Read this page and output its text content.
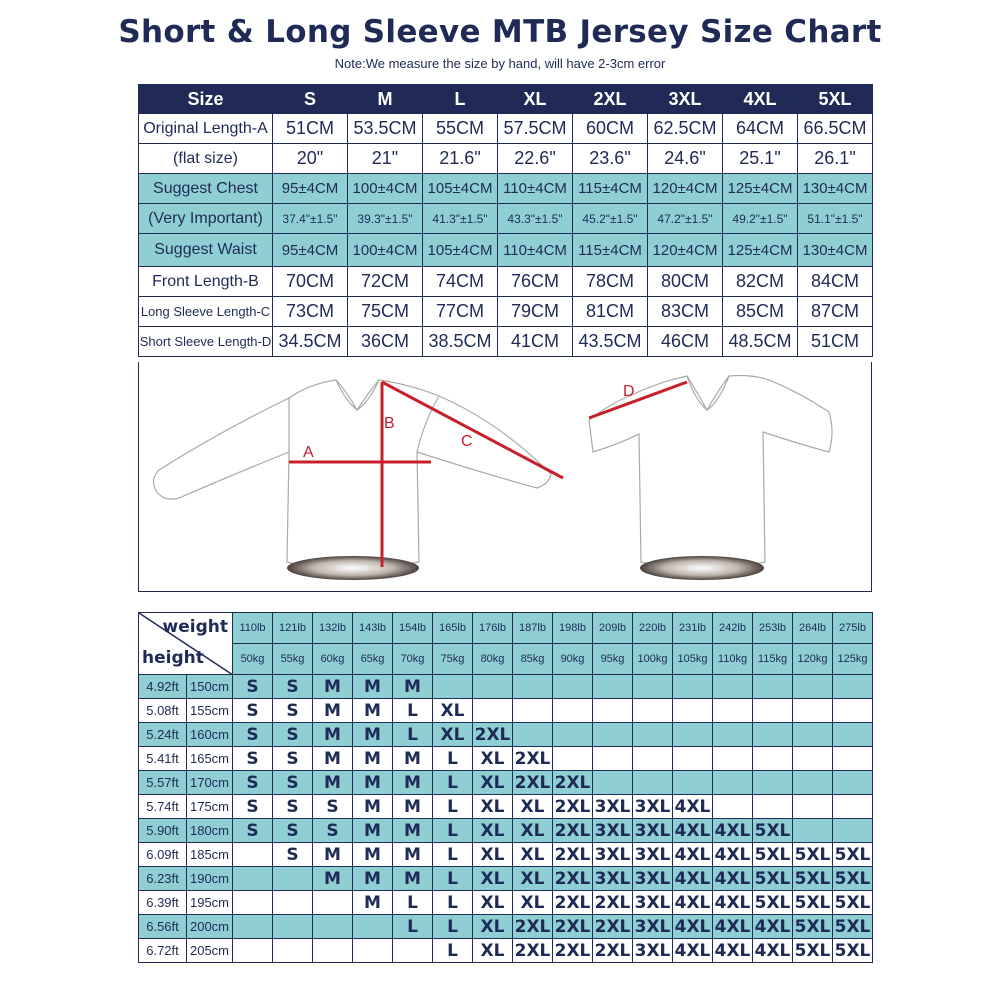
Short & Long Sleeve MTB Jersey Size Chart
Note:We measure the size by hand, will have 2-3cm error
Size	S	M	L	XL	2XL	3XL	4XL	5XL
Original Length-A	51CM	53.5CM	55CM	57.5CM	60CM	62.5CM	64CM	66.5CM
(flat size)	20"	21"	21.6"	22.6"	23.6"	24.6"	25.1"	26.1"
Suggest Chest	95±4CM	100±4CM	105±4CM	110±4CM	115±4CM	120±4CM	125±4CM	130±4CM
(Very Important)	37.4"±1.5"	39.3"±1.5"	41.3"±1.5"	43.3"±1.5"	45.2"±1.5"	47.2"±1.5"	49.2"±1.5"	51.1"±1.5"
Suggest Waist	95±4CM	100±4CM	105±4CM	110±4CM	115±4CM	120±4CM	125±4CM	130±4CM
Front Length-B	70CM	72CM	74CM	76CM	78CM	80CM	82CM	84CM
Long Sleeve Length-C	73CM	75CM	77CM	79CM	81CM	83CM	85CM	87CM
Short Sleeve Length-D	34.5CM	36CM	38.5CM	41CM	43.5CM	46CM	48.5CM	51CM
A
B
C
D
weight
height		110lb	121lb	132lb	143lb	154lb	165lb	176lb	187lb	198lb	209lb	220lb	231lb	242lb	253lb	264lb	275lb
		50kg	55kg	60kg	65kg	70kg	75kg	80kg	85kg	90kg	95kg	100kg	105kg	110kg	115kg	120kg	125kg
4.92ft	150cm	S	S	M	M	M											
5.08ft	155cm	S	S	M	M	L	XL										
5.24ft	160cm	S	S	M	M	L	XL	2XL									
5.41ft	165cm	S	S	M	M	M	L	XL	2XL								
5.57ft	170cm	S	S	M	M	M	L	XL	2XL	2XL							
5.74ft	175cm	S	S	S	M	M	L	XL	XL	2XL	3XL	3XL	4XL				
5.90ft	180cm	S	S	S	M	M	L	XL	XL	2XL	3XL	3XL	4XL	4XL	5XL		
6.09ft	185cm		S	M	M	M	L	XL	XL	2XL	3XL	3XL	4XL	4XL	5XL	5XL	5XL
6.23ft	190cm			M	M	M	L	XL	XL	2XL	3XL	3XL	4XL	4XL	5XL	5XL	5XL
6.39ft	195cm				M	L	L	XL	XL	2XL	2XL	3XL	4XL	4XL	5XL	5XL	5XL
6.56ft	200cm					L	L	XL	2XL	2XL	2XL	3XL	4XL	4XL	4XL	5XL	5XL
6.72ft	205cm						L	XL	2XL	2XL	2XL	3XL	4XL	4XL	4XL	5XL	5XL
